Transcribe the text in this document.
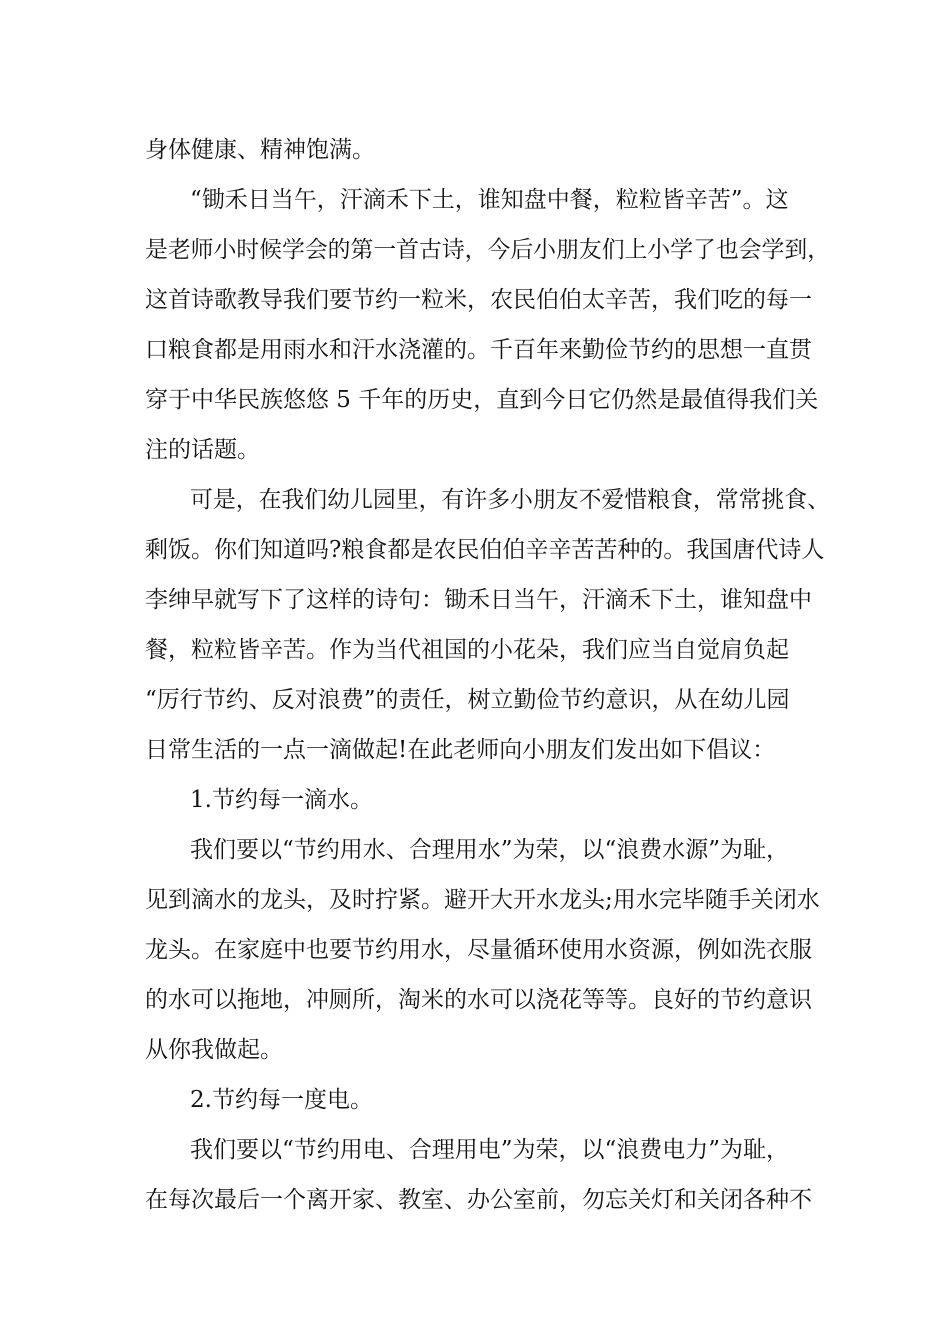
身体健康、精神饱满。

“锄禾日当午，汗滴禾下土，谁知盘中餐，粒粒皆辛苦”。这

是老师小时候学会的第一首古诗，今后小朋友们上小学了也会学到，

这首诗歌教导我们要节约一粒米，农民伯伯太辛苦，我们吃的每一

口粮食都是用雨水和汗水浇灌的。千百年来勤俭节约的思想一直贯

穿于中华民族悠悠 5 千年的历史，直到今日它仍然是最值得我们关

注的话题。

可是，在我们幼儿园里，有许多小朋友不爱惜粮食，常常挑食、

剩饭。你们知道吗?粮食都是农民伯伯辛辛苦苦种的。我国唐代诗人

李绅早就写下了这样的诗句：锄禾日当午，汗滴禾下土，谁知盘中

餐，粒粒皆辛苦。作为当代祖国的小花朵，我们应当自觉肩负起

“厉行节约、反对浪费”的责任，树立勤俭节约意识，从在幼儿园

日常生活的一点一滴做起!在此老师向小朋友们发出如下倡议：

1.节约每一滴水。

我们要以“节约用水、合理用水”为荣，以“浪费水源”为耻，

见到滴水的龙头，及时拧紧。避开大开水龙头;用水完毕随手关闭水

龙头。在家庭中也要节约用水，尽量循环使用水资源，例如洗衣服

的水可以拖地，冲厕所，淘米的水可以浇花等等。良好的节约意识

从你我做起。

2.节约每一度电。

我们要以“节约用电、合理用电”为荣，以“浪费电力”为耻，

在每次最后一个离开家、教室、办公室前，勿忘关灯和关闭各种不
